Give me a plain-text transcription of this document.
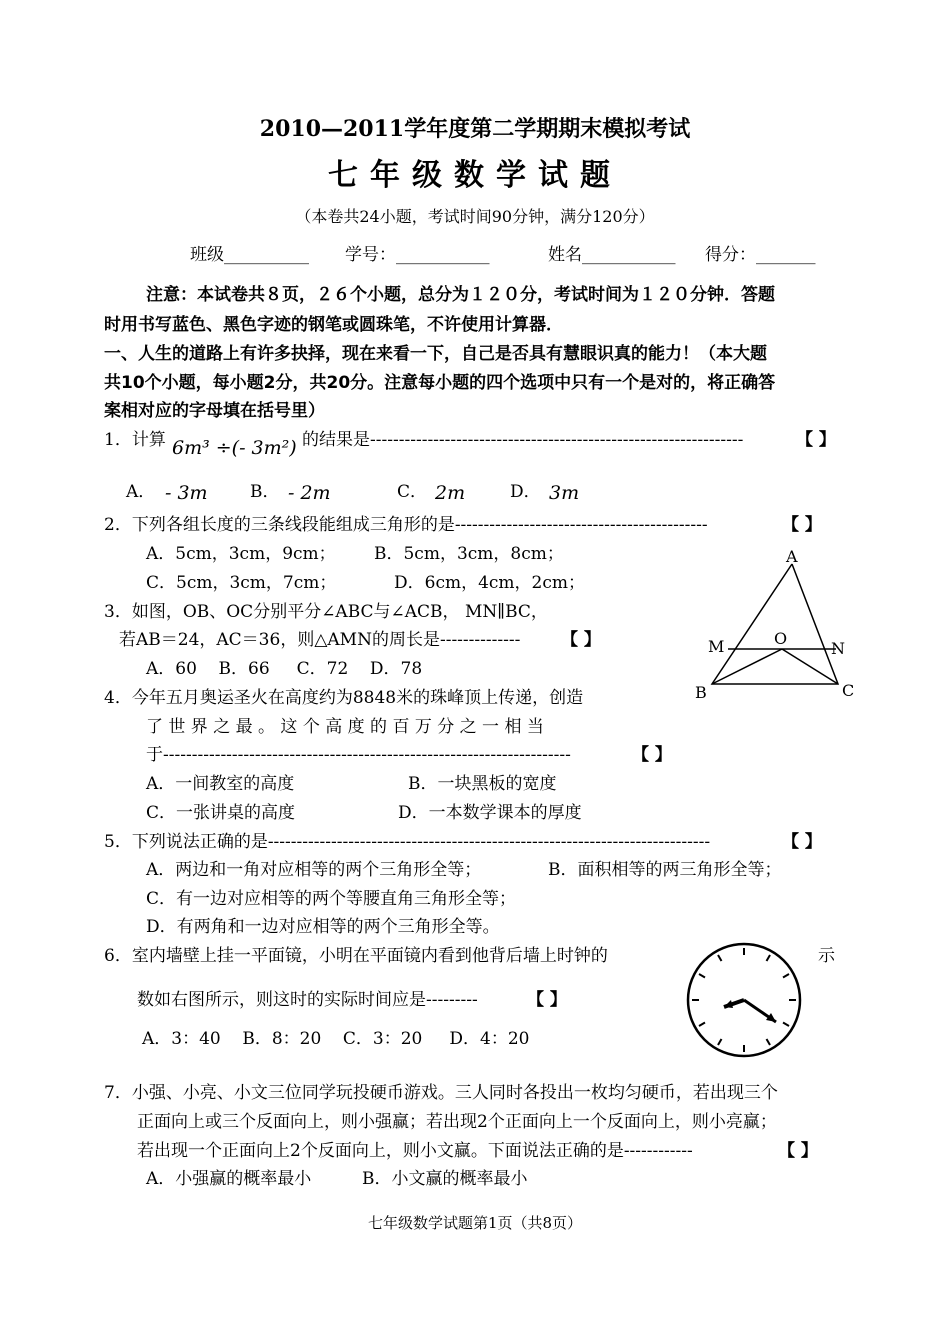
2010—2011学年度第二学期期末模拟考试
七年级数学试题
（本卷共24小题，考试时间90分钟，满分120分）
班级__________ 学号：___________	姓名___________ 得分：_______
注意：本试卷共８页，２６个小题，总分为１２０分，考试时间为１２０分钟．答题
时用书写蓝色、黑色字迹的钢笔或圆珠笔，不许使用计算器．
一、人生的道路上有许多抉择，现在来看一下，自己是否具有慧眼识真的能力！（本大题
共10个小题，每小题2分，共20分。注意每小题的四个选项中只有一个是对的，将正确答
案相对应的字母填在括号里）
1．计算 6m³ ÷(- 3m²) 的结果是-----------------------------------------------------------------	【 】
A． - 3m B． - 2m	C． 2m	D． 3m
2．下列各组长度的三条线段能组成三角形的是--------------------------------------------	【 】
A．5cm，3cm，9cm； B．5cm，3cm，8cm；
C．5cm，3cm，7cm；	D．6cm，4cm，2cm；
3．如图，OB、OC分别平分∠ABC与∠ACB， MN∥BC，
若AB＝24，AC＝36，则△AMN的周长是-------------- 【 】
A．60    B．66     C．72    D．78
A
M	O
N
B	C
4．今年五月奥运圣火在高度约为8848米的珠峰顶上传递，创造
了 世 界 之 最 。 这 个 高 度 的 百 万 分 之 一 相 当
于-----------------------------------------------------------------------	【 】
A．一间教室的高度	B．一块黑板的宽度
C．一张讲桌的高度	D．一本数学课本的厚度
5．下列说法正确的是-----------------------------------------------------------------------------	【 】
A．两边和一角对应相等的两个三角形全等；	B．面积相等的两三角形全等；
C．有一边对应相等的两个等腰直角三角形全等；
D．有两角和一边对应相等的两个三角形全等。
6．室内墙壁上挂一平面镜，小明在平面镜内看到他背后墙上时钟的	示
数如右图所示，则这时的实际时间应是---------	【 】
A．3：40    B．8：20    C．3：20     D．4：20
7．小强、小亮、小文三位同学玩投硬币游戏。三人同时各投出一枚均匀硬币，若出现三个
正面向上或三个反面向上，则小强赢；若出现2个正面向上一个反面向上，则小亮赢；
若出现一个正面向上2个反面向上，则小文赢。下面说法正确的是------------	【 】
A．小强赢的概率最小	B．小文赢的概率最小
七年级数学试题第1页（共8页）
